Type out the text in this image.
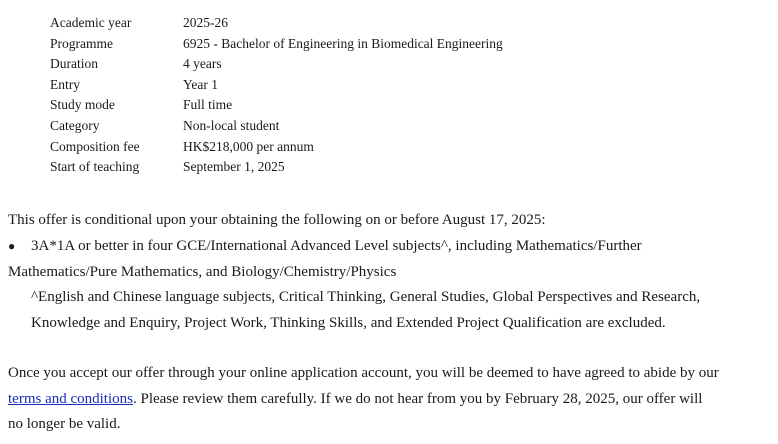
Academic year	2025-26
Programme	6925 - Bachelor of Engineering in Biomedical Engineering
Duration	4 years
Entry	Year 1
Study mode	Full time
Category	Non-local student
Composition fee	HK$218,000 per annum
Start of teaching	September 1, 2025
This offer is conditional upon your obtaining the following on or before August 17, 2025:
● 3A*1A or better in four GCE/International Advanced Level subjects^, including Mathematics/Further
Mathematics/Pure Mathematics, and Biology/Chemistry/Physics
^English and Chinese language subjects, Critical Thinking, General Studies, Global Perspectives and Research,
Knowledge and Enquiry, Project Work, Thinking Skills, and Extended Project Qualification are excluded.
Once you accept our offer through your online application account, you will be deemed to have agreed to abide by our
terms and conditions. Please review them carefully. If we do not hear from you by February 28, 2025, our offer will
no longer be valid.
